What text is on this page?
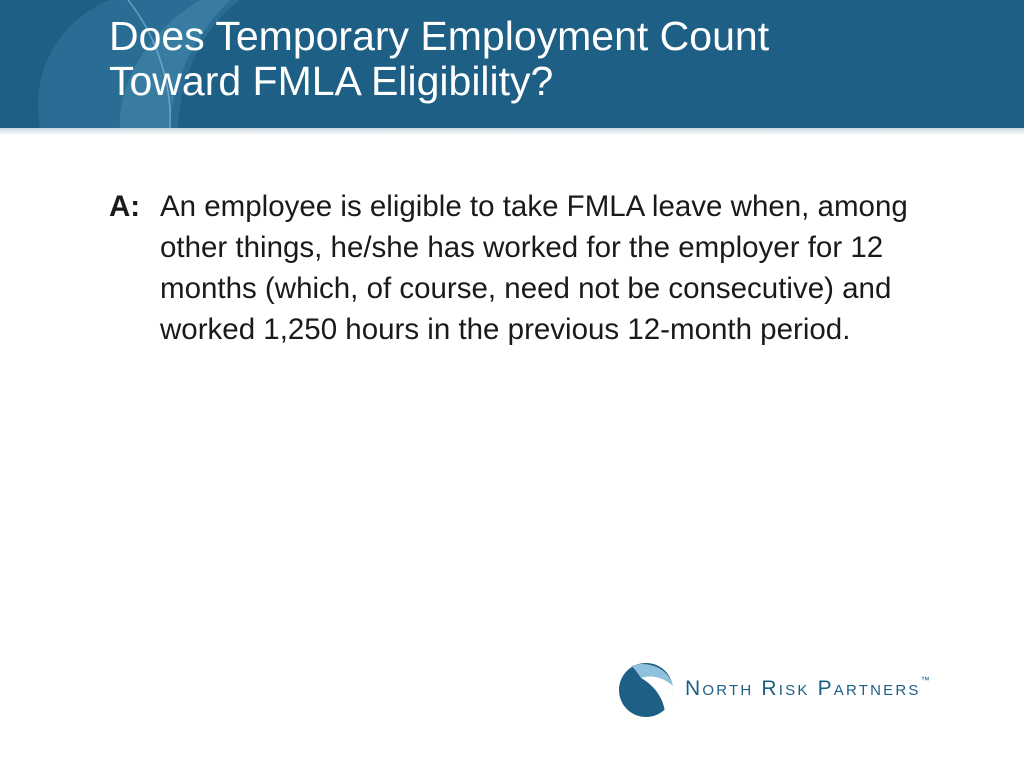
Does Temporary Employment Count
Toward FMLA Eligibility?
A: An employee is eligible to take FMLA leave when, among other things, he/she has worked for the employer for 12 months (which, of course, need not be consecutive) and worked 1,250 hours in the previous 12-month period.
North Risk Partners™
